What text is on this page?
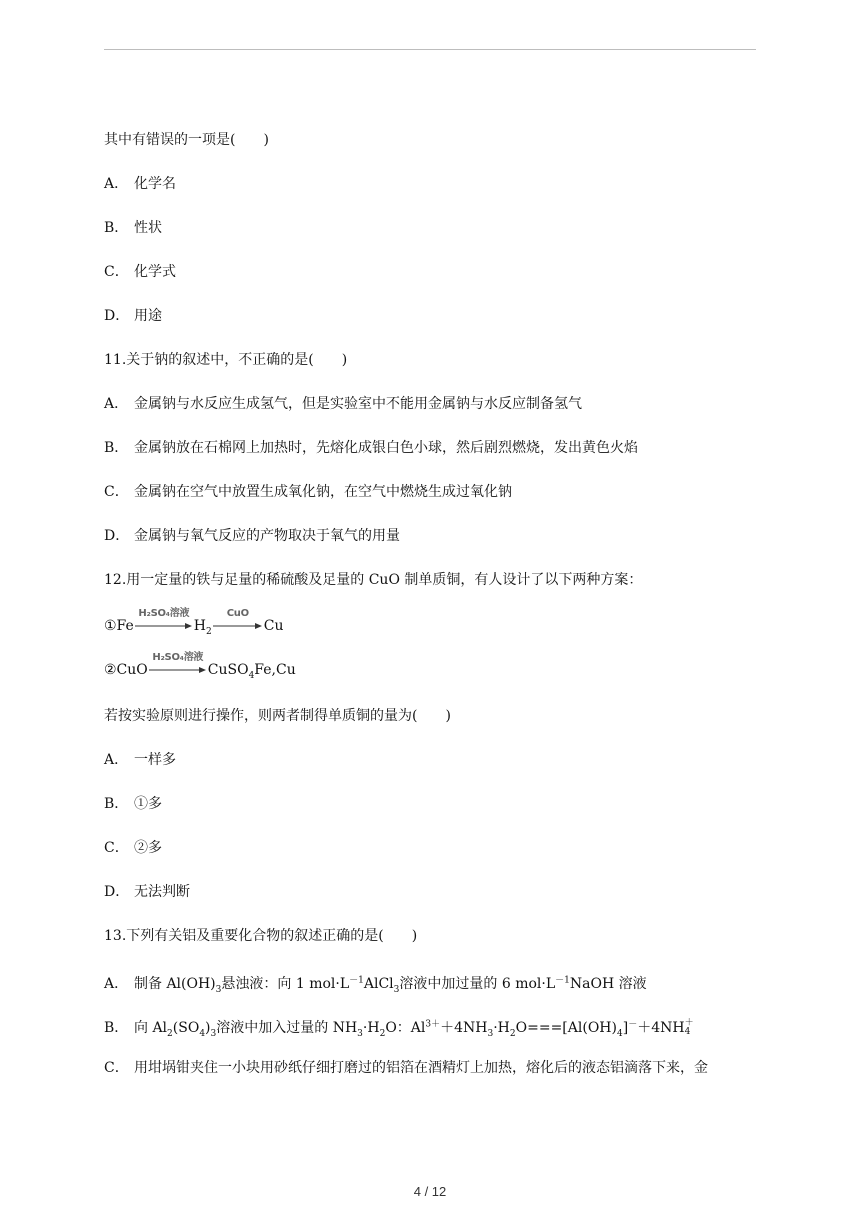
其中有错误的一项是(　　)
A． 化学名
B． 性状
C． 化学式
D． 用途
11.关于钠的叙述中，不正确的是(　　)
A． 金属钠与水反应生成氢气，但是实验室中不能用金属钠与水反应制备氢气
B． 金属钠放在石棉网上加热时，先熔化成银白色小球，然后剧烈燃烧，发出黄色火焰
C． 金属钠在空气中放置生成氧化钠，在空气中燃烧生成过氧化钠
D． 金属钠与氧气反应的产物取决于氧气的用量
12.用一定量的铁与足量的稀硫酸及足量的 CuO 制单质铜，有人设计了以下两种方案：
①Fe
H₂SO₄溶液
$H_2$
CuO
Cu
②CuO
H₂SO₄溶液
CuSO$_4$Fe,Cu
若按实验原则进行操作，则两者制得单质铜的量为(　　)
A． 一样多
B． ①多
C． ②多
D． 无法判断
13.下列有关铝及重要化合物的叙述正确的是(　　)
A． 制备 $Al(OH)_3$悬浊液：向 1 $mol\cdot L^{-1}AlCl_3$溶液中加过量的 6 $mol\cdot L^{-1}NaOH$ 溶液
B． 向 $Al_2(SO_4)_3$溶液中加入过量的 $NH_3\cdot H_2O$：$Al^{3+}+4NH_3\cdot H_2O===[Al(OH)_4]^-+4NH$ ＋
4
C． 用坩埚钳夹住一小块用砂纸仔细打磨过的铝箔在酒精灯上加热，熔化后的液态铝滴落下来，金
4 / 12
